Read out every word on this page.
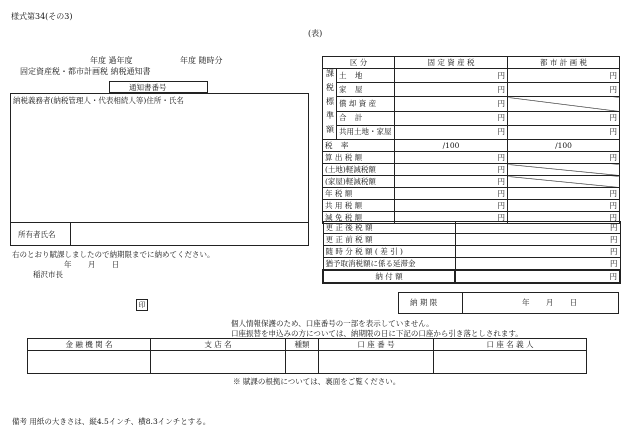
様式第34(その3)
(表)
年度 過年度	年度 随時分
固定資産税・都市計画税 納税通知書
通知書番号
納税義務者(納税管理人・代表相続人等)住所・氏名
所有者氏名
右のとおり賦課しましたので納期限までに納めてください。
年 月 日
稲沢市長
印
区 分		固 定 資 産 税	都 市 計 画 税

課税標準額	土 地	円	円
	家 屋	円	円
	償 却 資 産	円	
	合 計	円	円
	共用土地・家屋	円	円
税 率		/100	/100
算 出 税 額		円	円
(土地)軽減税額		円	
(家屋)軽減税額		円	
年 税 額		円	円
共 用 税 額		円	円
減 免 税 額		円	円
更 正 後 税 額	円
更 正 前 税 額	円
随 時 分 税 額 ( 差 引 )	円
猶予取消税額に係る延滞金	円
納 付 額	円
納 期 限	年 月 日
個人情報保護のため、口座番号の一部を表示していません。
口座振替を申込みの方については、納期限の日に下記の口座から引き落としされます。
金 融 機 関 名	支 店 名	種類	口 座 番 号	口 座 名 義 人

※ 賦課の根拠については、裏面をご覧ください。
備考 用紙の大きさは、縦4.5インチ、横8.3インチとする。
